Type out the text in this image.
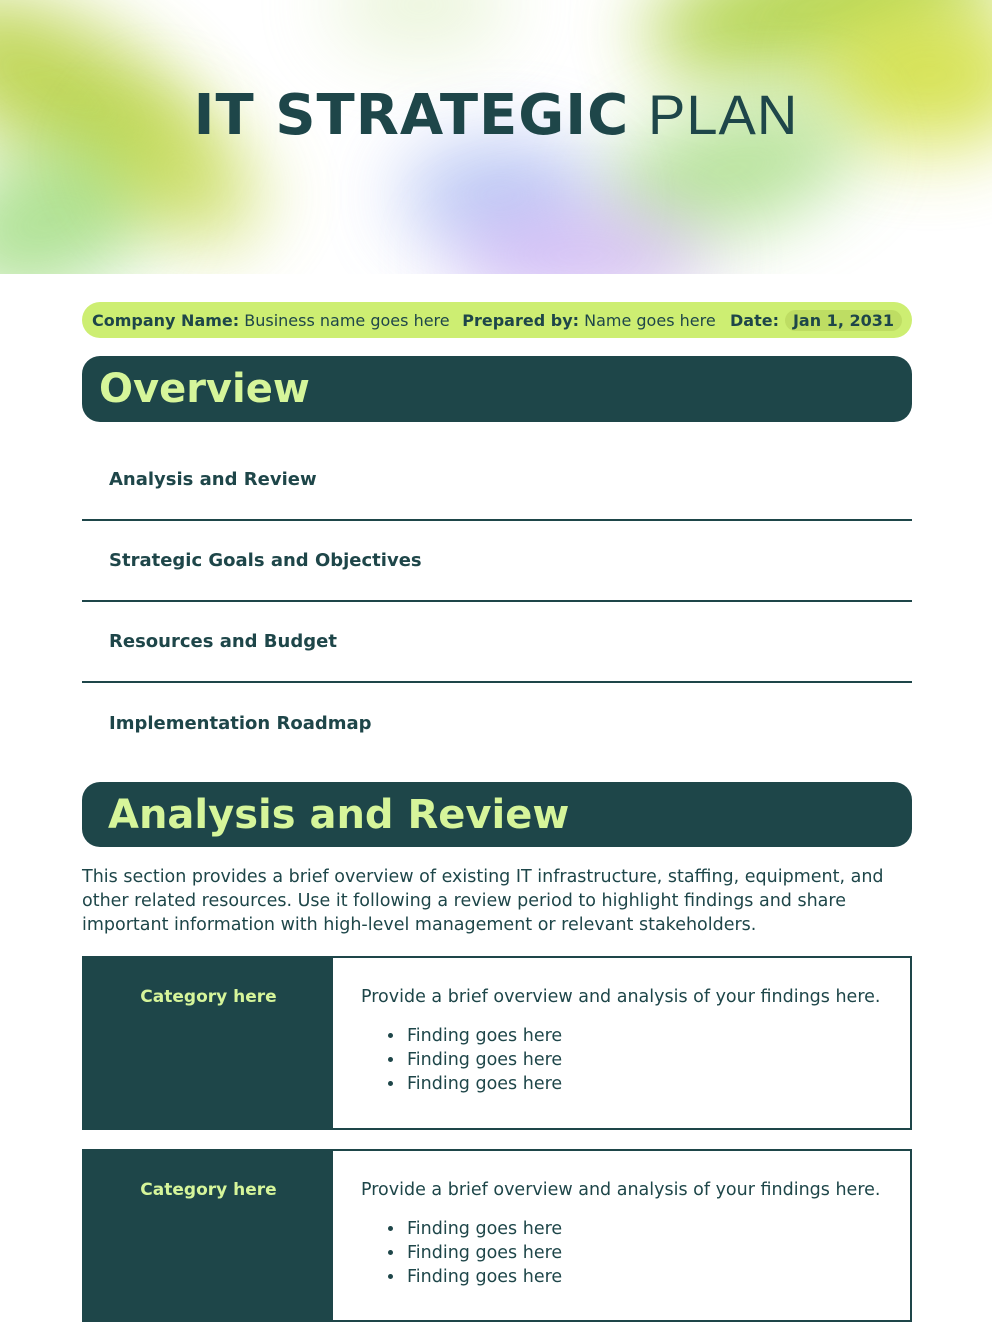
IT STRATEGIC PLAN
Company Name:
Business name goes here Prepared by:
Name goes here Date: Jan 1, 2031
Overview
Analysis and Review
Strategic Goals and Objectives
Resources and Budget
Implementation Roadmap
Analysis and Review
This section provides a brief overview of existing IT infrastructure, staffing, equipment, and other related resources. Use it following a review period to highlight findings and share important information with high-level management or relevant stakeholders.
Category here	Provide a brief overview and analysis of your findings here.

• Finding goes here
• Finding goes here
• Finding goes here
Category here	Provide a brief overview and analysis of your findings here.

• Finding goes here
• Finding goes here
• Finding goes here
